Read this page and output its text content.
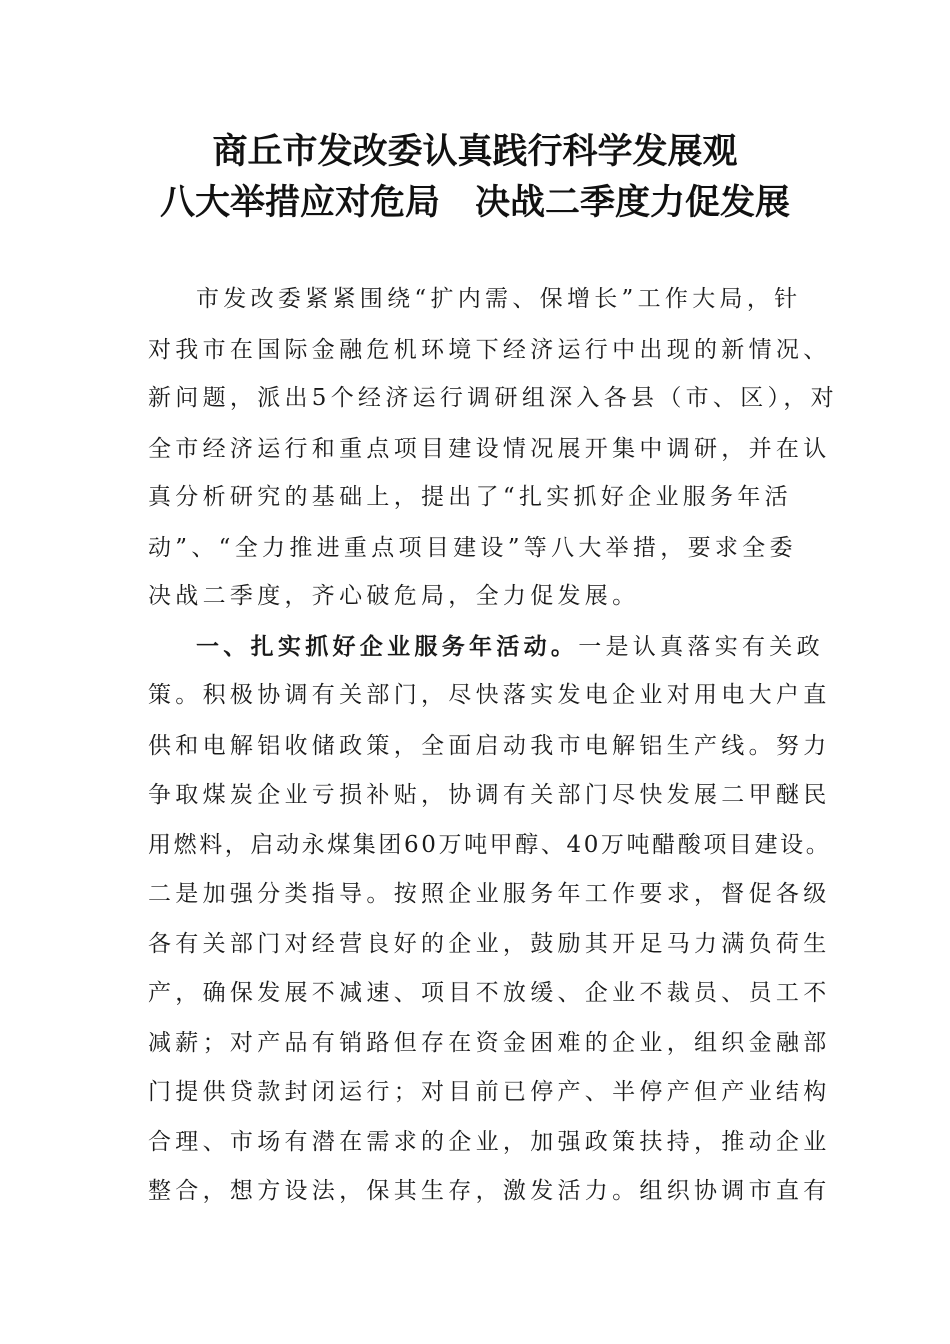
商丘市发改委认真践行科学发展观
八大举措应对危局　决战二季度力促发展
市发改委紧紧围绕“扩内需、保增长”工作大局，针
对我市在国际金融危机环境下经济运行中出现的新情况、
新问题，派出5个经济运行调研组深入各县（市、区），对
全市经济运行和重点项目建设情况展开集中调研，并在认
真分析研究的基础上，提出了“扎实抓好企业服务年活
动”、“全力推进重点项目建设”等八大举措，要求全委
决战二季度，齐心破危局，全力促发展。
一、扎实抓好企业服务年活动。一是认真落实有关政
策。积极协调有关部门，尽快落实发电企业对用电大户直
供和电解铝收储政策，全面启动我市电解铝生产线。努力
争取煤炭企业亏损补贴，协调有关部门尽快发展二甲醚民
用燃料，启动永煤集团60万吨甲醇、40万吨醋酸项目建设。
二是加强分类指导。按照企业服务年工作要求，督促各级
各有关部门对经营良好的企业，鼓励其开足马力满负荷生
产，确保发展不减速、项目不放缓、企业不裁员、员工不
减薪；对产品有销路但存在资金困难的企业，组织金融部
门提供贷款封闭运行；对目前已停产、半停产但产业结构
合理、市场有潜在需求的企业，加强政策扶持，推动企业
整合，想方设法，保其生存，激发活力。组织协调市直有
